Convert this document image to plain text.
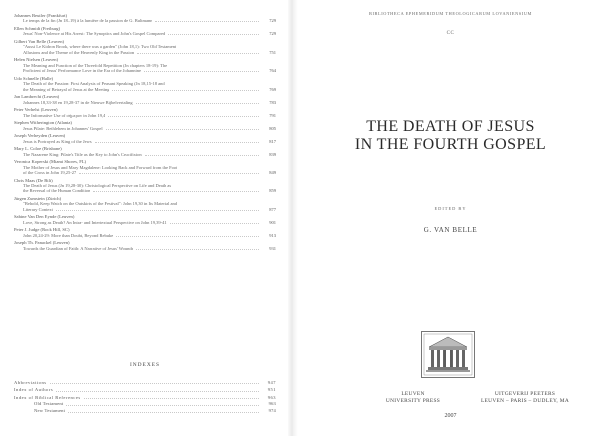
Johannes Beutler (Frankfurt)
Le temps de la fin (Jn 18–19) à la lumière de la passion de G. Bultmann	729
Ellen Schmidt (Freiburg)
Jesus' Non-Violence at His Arrest: The Synoptics and John's Gospel Compared	729
Gilbert Van Belle (Leuven)
"Aussi Le Kidron Brook, where there was a garden" (John 18,1): Two Old Testament
Allusions and the Theme of the Heavenly King in the Passion	751
Helen Nielsen (Leuven)
The Meaning and Function of the Threefold Repetition (Jn chapters 18-19): The
Proficient of Jesus' Performance Love in the Era of the Johannine	764
Udo Schnelle (Halle)
The Death of the Passion: First Analysis of Peasant Speaking (Jn 18,15-18 and
the Meaning of Betrayal of Jesus at the Meeting	769
Jan Lambrecht (Leuven)
Johannes 18,33-38 en 19,28-37 in de Nieuwe Bijbelvertaling	783
Peter Verhelst (Leuven)
The Informative Use of σήμερον in John 19,4	791
Stephen Witherington (Atlanta)
Jesus Pilate: Bethlehem in Johannes' Gospel	805
Joseph Verheyden (Leuven)
Jesus is Portrayed as King of the Jews	817
Mary L. Coloe (Brisbane)
The Nazarene King: Pilate's Title as the Key to John's Crucifixion	839
Veronica Koperski (Miami Shores, FL)
The Mother of Jesus and Mary Magdalene: Looking Back and Forward from the Foot
of the Cross in John 19,25-27	849
Chris Maas (De Bilt)
The Death of Jesus (Jn 19,28-30): Christological Perspective on Life and Death as
the Reversal of the Human Condition	859
Jürgen Zumstein (Zürich)
"Behold, Keep Watch on the Outskirts of the Festival": John 19,30 in Its Material and
Literary Context	877
Sabine Van Den Eynde (Leuven)
Love, Strong as Death? An Intra- and Intertextual Perspective on John 19,39-41	901
Peter J. Judge (Rock Hill, SC)
John 20,24-29: More than Doubt, Beyond Rebuke	913
Joseph Th. Panackel (Leuven)
Towards the Guardian of Faith: A Narrative of Jesus' Wounds	931
INDEXES
Abbreviations	947
Index of Authors	951
Index of Biblical References	963
Old Testament	963
New Testament	974
BIBLIOTHECA EPHEMERIDUM THEOLOGICARUM LOVANIENSIUM
CC
THE DEATH OF JESUS
IN THE FOURTH GOSPEL
EDITED BY
G. VAN BELLE
LEUVEN
UNIVERSITY PRESS
UITGEVERIJ PEETERS
LEUVEN – PARIS – DUDLEY, MA
2007
